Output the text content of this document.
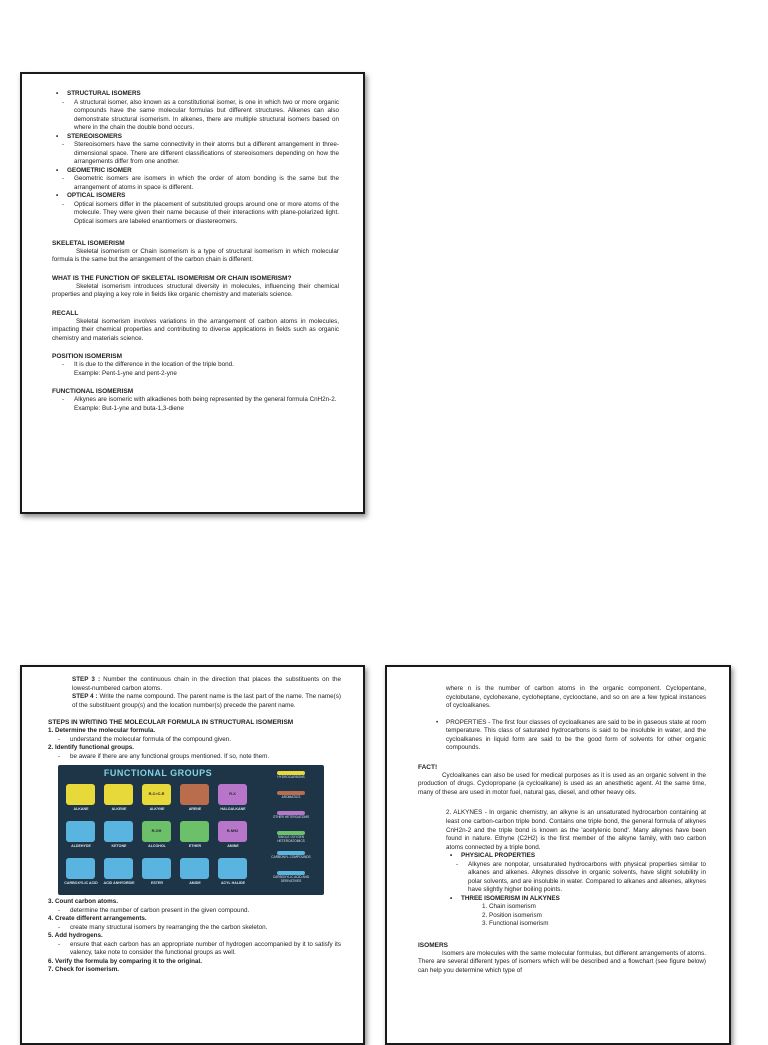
• STRUCTURAL ISOMERS
- A structural isomer, also known as a constitutional isomer, is one in which two or more organic compounds have the same molecular formulas but different structures. Alkenes can also demonstrate structural isomerism. In alkenes, there are multiple structural isomers based on where in the chain the double bond occurs.
• STEREOISOMERS
- Stereoisomers have the same connectivity in their atoms but a different arrangement in three-dimensional space. There are different classifications of stereoisomers depending on how the arrangements differ from one another.
• GEOMETRIC ISOMER
- Geometric isomers are isomers in which the order of atom bonding is the same but the arrangement of atoms in space is different.
• OPTICAL ISOMERS
- Optical isomers differ in the placement of substituted groups around one or more atoms of the molecule. They were given their name because of their interactions with plane-polarized light. Optical isomers are labeled enantiomers or diastereomers.
SKELETAL ISOMERISM
Skeletal isomerism or Chain isomerism is a type of structural isomerism in which molecular formula is the same but the arrangement of the carbon chain is different.
WHAT IS THE FUNCTION OF SKELETAL ISOMERISM OR CHAIN ISOMERISM?
Skeletal isomerism introduces structural diversity in molecules, influencing their chemical properties and playing a key role in fields like organic chemistry and materials science.
RECALL
Skeletal isomerism involves variations in the arrangement of carbon atoms in molecules, impacting their chemical properties and contributing to diverse applications in fields such as organic chemistry and materials science.
POSITION ISOMERISM
- It is due to the difference in the location of the triple bond.
Example: Pent-1-yne and pent-2-yne
FUNCTIONAL ISOMERISM
- Alkynes are isomeric with alkadienes both being represented by the general formula CnH2n-2.
Example: But-1-yne and buta-1,3-diene
STEP 3 : Number the continuous chain in the direction that places the substituents on the lowest-numbered carbon atoms.
STEP 4 : Write the name compound. The parent name is the last part of the name. The name(s) of the substituent group(s) and the location number(s) precede the parent name.
STEPS IN WRITING THE MOLECULAR FORMULA IN STRUCTURAL ISOMERISM
1. Determine the molecular formula.
- understand the molecular formula of the compound given.
2. Identify functional groups.
- be aware if there are any functional groups mentioned. If so, note them.
FUNCTIONAL GROUPS
ALKANE	ALKENE
R-C≡C-R
ALKYNE	ARENE
R-X
HALOALKANE
ALDEHYDE	KETONE
R-OH
ALCOHOL	ETHER
R-NH2
AMINE
CARBOXYLIC ACID	ACID ANHYDRIDE	ESTER	AMIDE	ACYL HALIDE
HYDROCARBONS
AROMATICS
OTHER HETEROATOMS
SINGLE OXYGEN HETEROATOMICS
CARBONYL COMPOUNDS
CARBOXYLIC ACID AND DERIVATIVES
3. Count carbon atoms.
- determine the number of carbon present in the given compound.
4. Create different arrangements.
- create many structural isomers by rearranging the the carbon skeleton.
5. Add hydrogens.
- ensure that each carbon has an appropriate number of hydrogen accompanied by it to satisfy its valency, take note to consider the functional groups as well.
6. Verify the formula by comparing it to the original.
7. Check for isomerism.
where n is the number of carbon atoms in the organic component. Cyclopentane, cyclobutane, cyclohexane, cycloheptane, cyclooctane, and so on are a few typical instances of cycloalkanes.
• PROPERTIES - The first four classes of cycloalkanes are said to be in gaseous state at room temperature. This class of saturated hydrocarbons is said to be insoluble in water, and the cycloalkanes in liquid form are said to be the good form of solvents for other organic compounds.
FACT!
Cycloalkanes can also be used for medical purposes as it is used as an organic solvent in the production of drugs. Cyclopropane (a cycloalkane) is used as an anesthetic agent. At the same time, many of these are used in motor fuel, natural gas, diesel, and other heavy oils.
2. ALKYNES - In organic chemistry, an alkyne is an unsaturated hydrocarbon containing at least one carbon-carbon triple bond. Contains one triple bond, the general formula of alkynes CnH2n-2 and the triple bond is known as the 'acetylenic bond'. Many alkynes have been found in nature. Ethyne (C2H2) is the first member of the alkyne family, with two carbon atoms connected by a triple bond.
• PHYSICAL PROPERTIES
- Alkynes are nonpolar, unsaturated hydrocarbons with physical properties similar to alkanes and alkenes. Alkynes dissolve in organic solvents, have slight solubility in polar solvents, and are insoluble in water. Compared to alkanes and alkenes, alkynes have slightly higher boiling points.
• THREE ISOMERISM IN ALKYNES
1. Chain isomerism
2. Position isomerism
3. Functional isomerism
ISOMERS
Isomers are molecules with the same molecular formulas, but different arrangements of atoms. There are several different types of isomers which will be described and a flowchart (see figure below) can help you determine which type of
